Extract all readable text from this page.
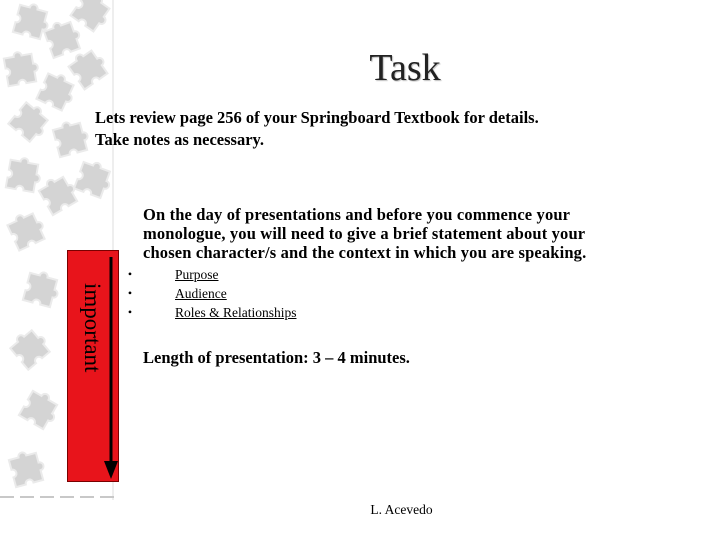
Task
Lets review page 256 of your Springboard Textbook for details.
Take notes as necessary.
On the day of presentations and before you commence your
monologue, you will need to give a brief statement about your
chosen character/s and the context in which you are speaking.
•	Purpose
•	Audience
•	Roles & Relationships
Length of presentation: 3 – 4 minutes.
important
L. Acevedo
